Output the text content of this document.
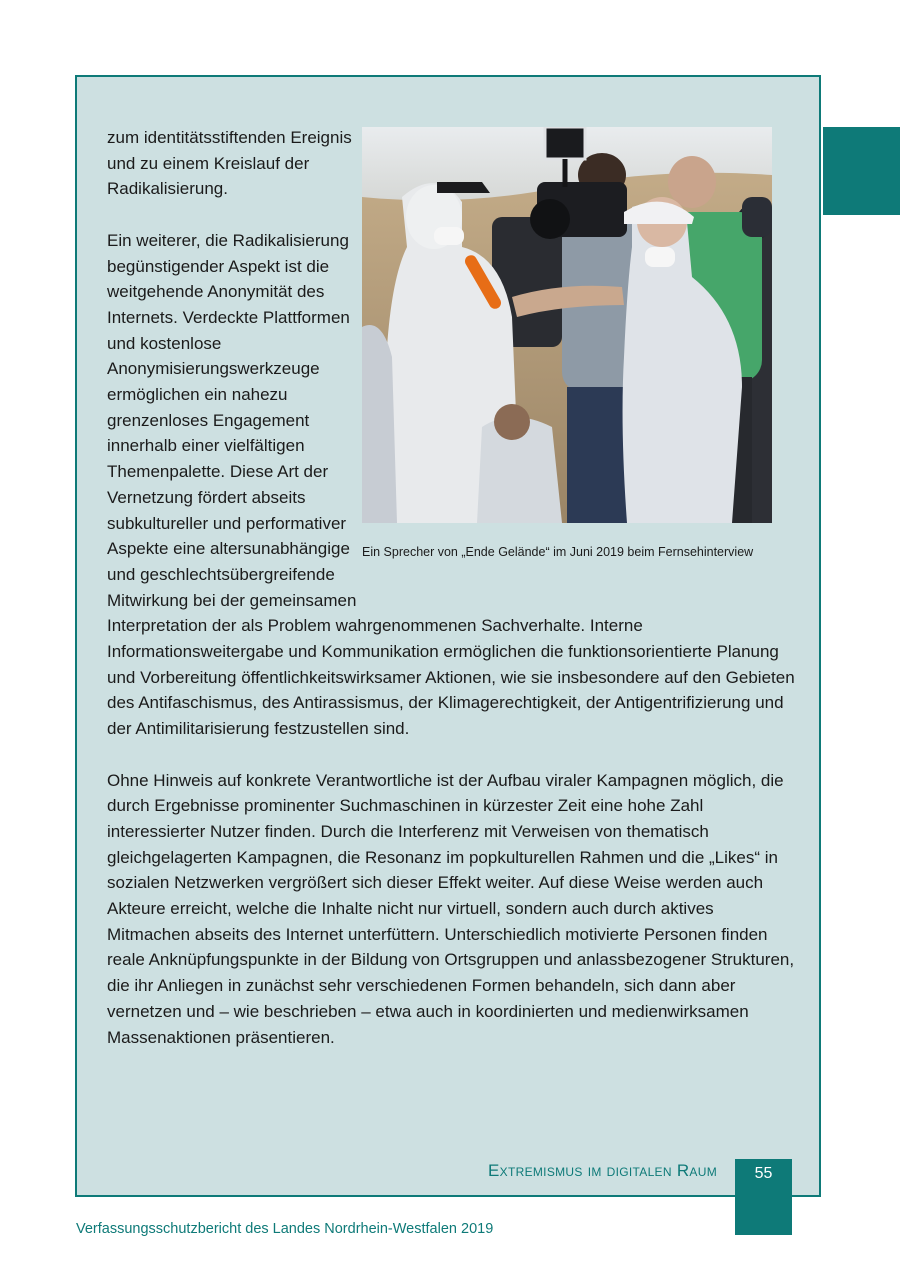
Ein Sprecher von „Ende Gelände“ im Juni 2019 beim Fernsehinterview

zum identitätsstiftenden Ereignis und zu einem Kreislauf der Radikalisierung.

Ein weiterer, die Radikalisierung begünstigender Aspekt ist die weitgehende Anonymität des Internets. Verdeckte Plattformen und kostenlose Anonymisierungswerkzeuge ermöglichen ein nahezu grenzenloses Engagement innerhalb einer vielfältigen Themenpalette. Diese Art der Vernetzung fördert abseits subkultureller und performativer Aspekte eine altersunabhängige und geschlechtsübergreifende Mitwirkung bei der gemeinsamen Interpretation der als Problem wahrgenommenen Sachverhalte. Interne Informationsweitergabe und Kommunikation ermöglichen die funktionsorientierte Planung und Vorbereitung öffentlichkeitswirksamer Aktionen, wie sie insbesondere auf den Gebieten des Antifaschismus, des Antirassismus, der Klimagerechtigkeit, der Antigentrifizierung und der Antimilitarisierung festzustellen sind.

Ohne Hinweis auf konkrete Verantwortliche ist der Aufbau viraler Kampagnen möglich, die durch Ergebnisse prominenter Suchmaschinen in kürzester Zeit eine hohe Zahl interessierter Nutzer finden. Durch die Interferenz mit Verweisen von thematisch gleichgelagerten Kampagnen, die Resonanz im popkulturellen Rahmen und die „Likes“ in sozialen Netzwerken vergrößert sich dieser Effekt weiter. Auf diese Weise werden auch Akteure erreicht, welche die Inhalte nicht nur virtuell, sondern auch durch aktives Mitmachen abseits des Internet unterfüttern. Unterschiedlich motivierte Personen finden reale Anknüpfungspunkte in der Bildung von Ortsgruppen und anlassbezogener Strukturen, die ihr Anliegen in zunächst sehr verschiedenen Formen behandeln, sich dann aber vernetzen und – wie beschrieben – etwa auch in koordinierten und medienwirksamen Massenaktionen präsentieren.

Extremismus im digitalen Raum	55
Verfassungsschutzbericht des Landes Nordrhein-Westfalen 2019
